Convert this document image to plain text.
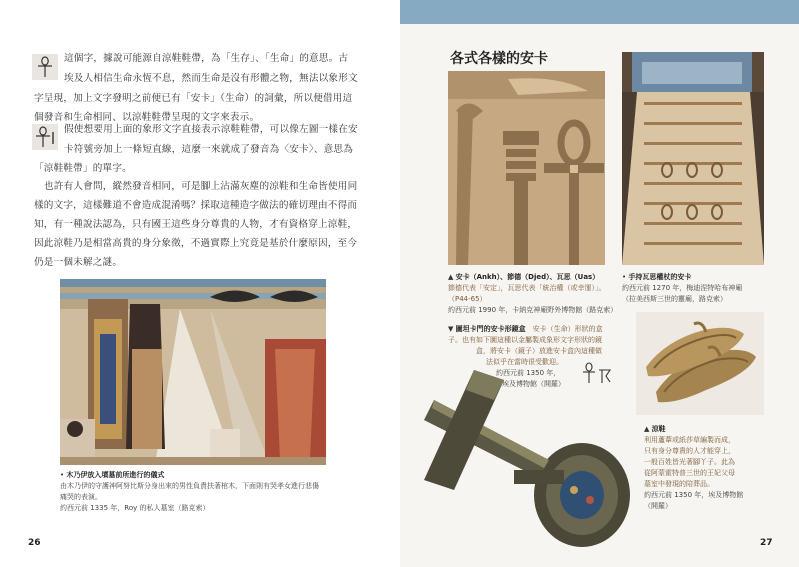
這個字，據說可能源自涼鞋鞋帶，為「生存」、「生命」的意思。古
埃及人相信生命永恆不息，然而生命是沒有形體之物，無法以象形文
字呈現，加上文字發明之前便已有「安卡」（生命）的詞彙，所以便借用這
個發音和生命相同、以涼鞋鞋帶呈現的文字來表示。
假使想要用上面的象形文字直接表示涼鞋鞋帶，可以像左圖一樣在安
卡符號旁加上一條短直線，這麼一來就成了發音為〈安卡〉、意思為
「涼鞋鞋帶」的單字。
也許有人會問，縱然發音相同，可是腳上沾滿灰塵的涼鞋和生命皆使用同
樣的文字，這樣難道不會造成混淆嗎？採取這種造字做法的確切理由不得而
知，有一種說法認為，只有國王這些身分尊貴的人物，才有資格穿上涼鞋，
因此涼鞋乃是相當高貴的身分象徵，不過實際上究竟是基於什麼原因，至今
仍是一個未解之謎。
• 木乃伊放入墳墓前所進行的儀式
由木乃伊的守護神阿努比斯分身出來的男性負責扶著棺木，下面則有哭孝女進行悲傷
痛哭的表演。
約西元前 1335 年，Roy 的私人墓室（路克索）
26
各式各樣的安卡
▲ 安卡（Ankh）、節德（Djed）、瓦思（Uas）
節德代表「安定」，瓦思代表「統治權（或幸運）」。（P44-65）
約西元前 1990 年，卡納克神廟野外博物館（路克索）
• 手持瓦思權杖的安卡
約西元前 1270 年，梅迪涅特哈布神廟
（拉美西斯三世的靈廟，路克索）
▼ 圖坦卡門的安卡形鏡盒　 安卡（生命）形狀的盒
子。也有如下圖這種以金屬製成象形文字形狀的鏡
盒，將安卡（鏡子）放進安卡盒內這種做
法似乎在當時很受歡迎。
約西元前 1350 年，
埃及博物館（開羅）
▲ 涼鞋
利用蘆葦或紙莎草編製而成，
只有身分尊貴的人才能穿上，
一般百姓皆光著腳丫子。此為
從阿蒙霍特普三世的王妃父母
墓室中發現的陪葬品。
約西元前 1350 年，埃及博物館
（開羅）
27
